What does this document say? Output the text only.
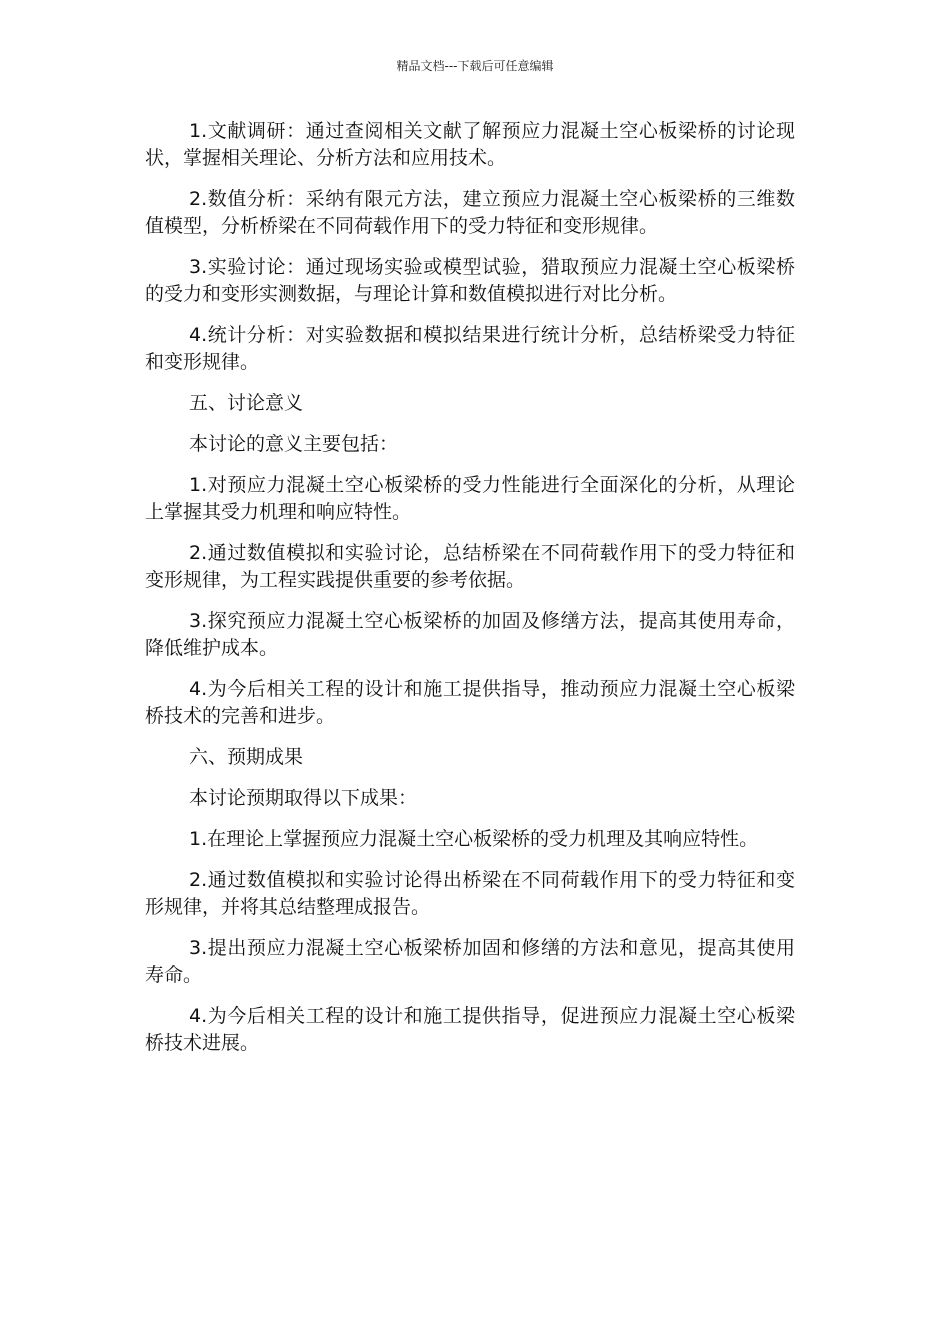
精品文档---下载后可任意编辑

1.文献调研：通过查阅相关文献了解预应力混凝土空心板梁桥的讨论现状，掌握相关理论、分析方法和应用技术。

2.数值分析：采纳有限元方法，建立预应力混凝土空心板梁桥的三维数值模型，分析桥梁在不同荷载作用下的受力特征和变形规律。

3.实验讨论：通过现场实验或模型试验，猎取预应力混凝土空心板梁桥的受力和变形实测数据，与理论计算和数值模拟进行对比分析。

4.统计分析：对实验数据和模拟结果进行统计分析，总结桥梁受力特征和变形规律。

五、讨论意义

本讨论的意义主要包括：

1.对预应力混凝土空心板梁桥的受力性能进行全面深化的分析，从理论上掌握其受力机理和响应特性。

2.通过数值模拟和实验讨论，总结桥梁在不同荷载作用下的受力特征和变形规律，为工程实践提供重要的参考依据。

3.探究预应力混凝土空心板梁桥的加固及修缮方法，提高其使用寿命，降低维护成本。

4.为今后相关工程的设计和施工提供指导，推动预应力混凝土空心板梁桥技术的完善和进步。

六、预期成果

本讨论预期取得以下成果：

1.在理论上掌握预应力混凝土空心板梁桥的受力机理及其响应特性。

2.通过数值模拟和实验讨论得出桥梁在不同荷载作用下的受力特征和变形规律，并将其总结整理成报告。

3.提出预应力混凝土空心板梁桥加固和修缮的方法和意见，提高其使用寿命。

4.为今后相关工程的设计和施工提供指导，促进预应力混凝土空心板梁桥技术进展。
